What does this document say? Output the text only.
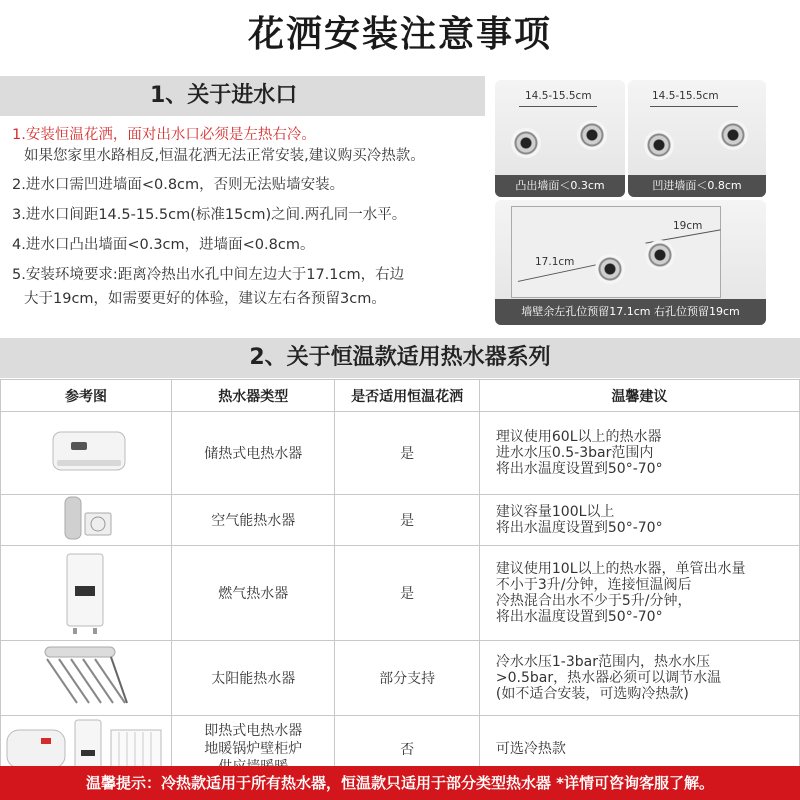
花洒安装注意事项
1、关于进水口
1.安装恒温花洒，面对出水口必须是左热右冷。
如果您家里水路相反,恒温花洒无法正常安装,建议购买冷热款。
2.进水口需凹进墙面<0.8cm，否则无法贴墙安装。
3.进水口间距14.5-15.5cm(标准15cm)之间.两孔同一水平。
4.进水口凸出墙面<0.3cm，进墙面<0.8cm。
5.安装环境要求:距离冷热出水孔中间左边大于17.1cm，右边
大于19cm，如需要更好的体验，建议左右各预留3cm。
14.5-15.5cm
凸出墙面＜0.3cm
14.5-15.5cm
凹进墙面＜0.8cm
17.1cm
19cm
墙壁余左孔位预留17.1cm 右孔位预留19cm
2、关于恒温款适用热水器系列
参考图	热水器类型	是否适用恒温花洒	温馨建议
	储热式电热水器	是	理议使用60L以上的热水器
进水水压0.5-3bar范围内
将出水温度设置到50°-70°

	空气能热水器	是	建议容量100L以上
将出水温度设置到50°-70°

	燃气热水器	是	建议使用10L以上的热水器，单管出水量
不小于3升/分钟，连接恒温阀后
冷热混合出水不少于5升/分钟，
将出水温度设置到50°-70°

	太阳能热水器	部分支持	冷水水压1-3bar范围内，热水水压
>0.5bar，热水器必须可以调节水温
(如不适合安装，可选购冷热款)

即热式电热水器
地暖锅炉壁柜炉	否	可选冷热款
温馨提示：冷热款适用于所有热水器，恒温款只适用于部分类型热水器 *详情可咨询客服了解。
